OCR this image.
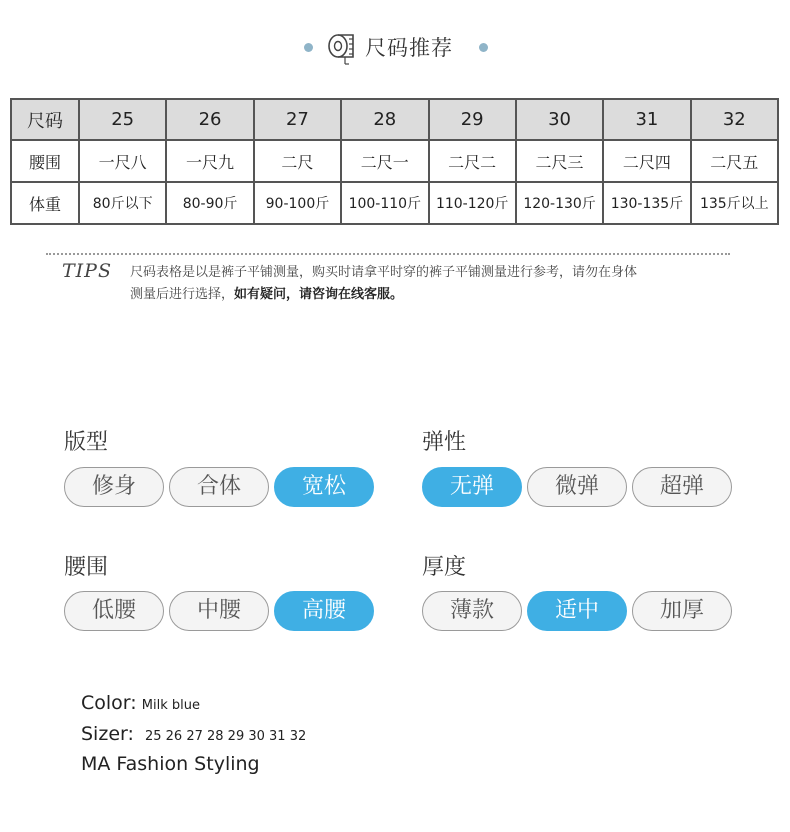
尺码推荐
尺码	25	26	27	28	29	30	31	32
腰围	一尺八	一尺九	二尺	二尺一	二尺二	二尺三	二尺四	二尺五
体重	80斤以下	80-90斤	90-100斤	100-110斤	110-120斤	120-130斤	130-135斤	135斤以上
TIPS 尺码表格是以是裤子平铺测量，购买时请拿平时穿的裤子平铺测量进行参考，请勿在身体
测量后进行选择，如有疑问，请咨询在线客服。
版型
修身	合体	宽松
弹性
无弹	微弹	超弹
腰围
低腰	中腰	高腰
厚度
薄款	适中	加厚
Color: Milk blue
Sizer: 25 26 27 28 29 30 31 32
MA Fashion Styling
